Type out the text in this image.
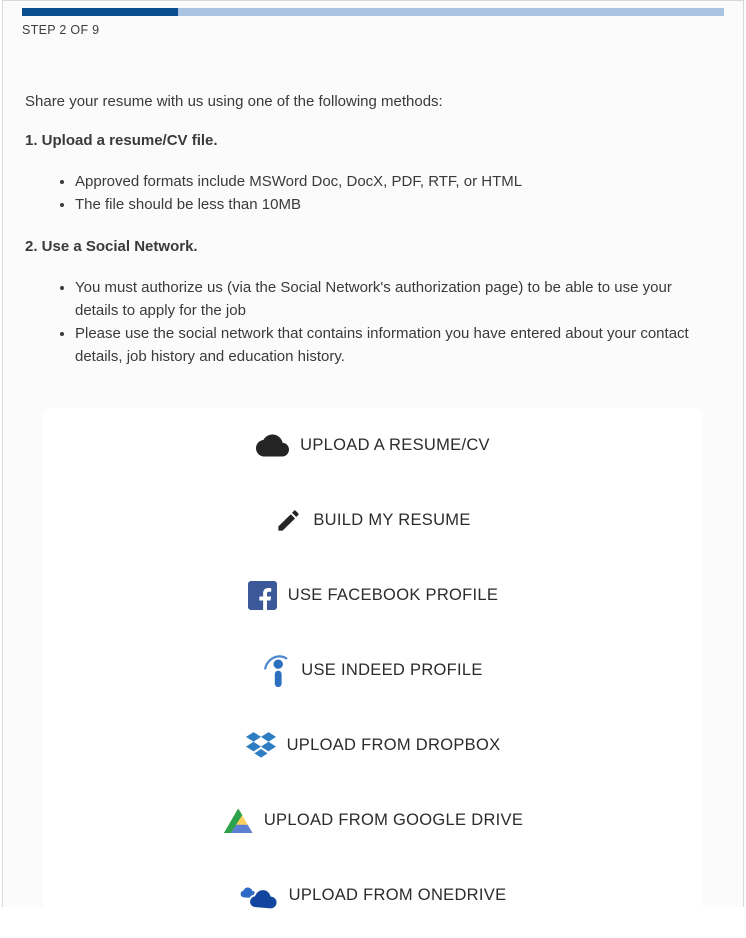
STEP 2 OF 9
Share your resume with us using one of the following methods:
1. Upload a resume/CV file.
• Approved formats include MSWord Doc, DocX, PDF, RTF, or HTML
• The file should be less than 10MB
2. Use a Social Network.
• You must authorize us (via the Social Network's authorization page) to be able to use your details to apply for the job
• Please use the social network that contains information you have entered about your contact details, job history and education history.
UPLOAD A RESUME/CV
BUILD MY RESUME
USE FACEBOOK PROFILE
USE INDEED PROFILE
UPLOAD FROM DROPBOX
UPLOAD FROM GOOGLE DRIVE
UPLOAD FROM ONEDRIVE
